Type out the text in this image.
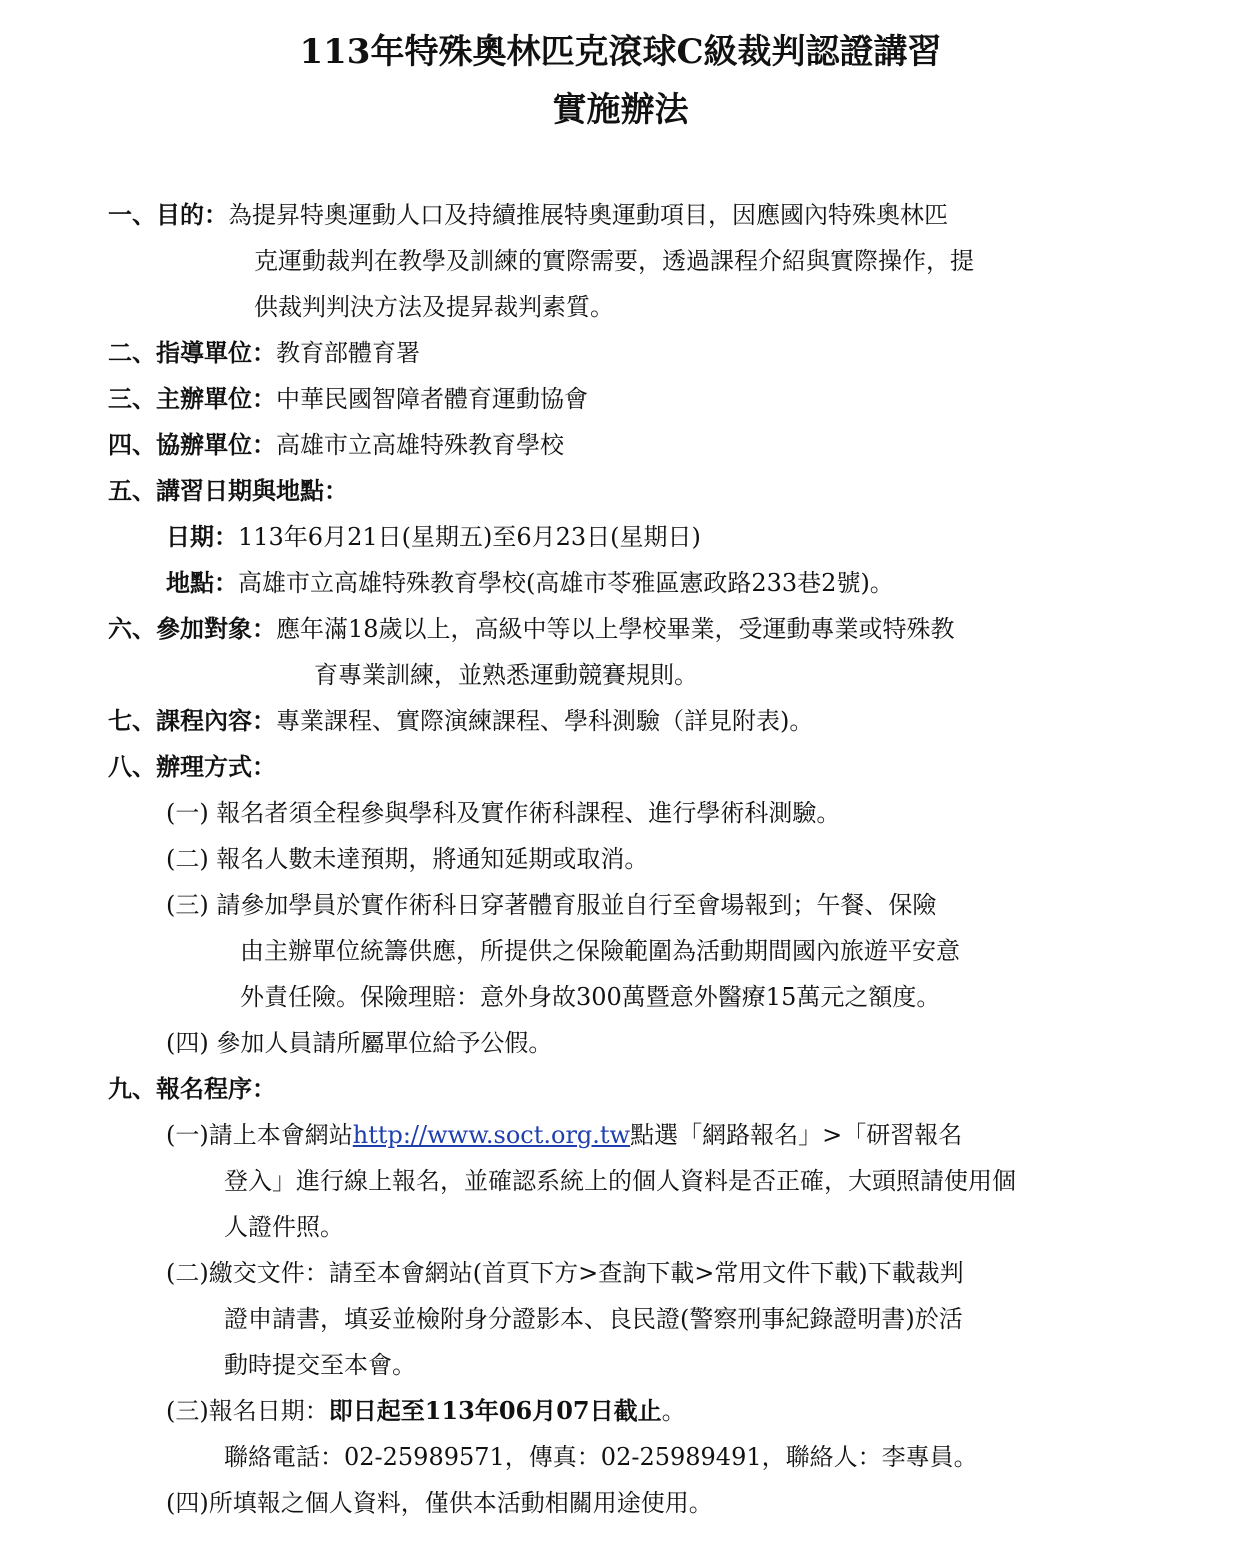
113年特殊奧林匹克滾球C級裁判認證講習
實施辦法
一、目的：為提昇特奧運動人口及持續推展特奧運動項目，因應國內特殊奧林匹
克運動裁判在教學及訓練的實際需要，透過課程介紹與實際操作，提
供裁判判決方法及提昇裁判素質。
二、指導單位：教育部體育署
三、主辦單位：中華民國智障者體育運動協會
四、協辦單位：高雄市立高雄特殊教育學校
五、講習日期與地點：
日期：113年6月21日(星期五)至6月23日(星期日)
地點：高雄市立高雄特殊教育學校(高雄市苓雅區憲政路233巷2號)。
六、參加對象：應年滿18歲以上，高級中等以上學校畢業，受運動專業或特殊教
育專業訓練，並熟悉運動競賽規則。
七、課程內容：專業課程、實際演練課程、學科測驗（詳見附表)。
八、辦理方式：
(一) 報名者須全程參與學科及實作術科課程、進行學術科測驗。
(二) 報名人數未達預期，將通知延期或取消。
(三) 請參加學員於實作術科日穿著體育服並自行至會場報到；午餐、保險
由主辦單位統籌供應，所提供之保險範圍為活動期間國內旅遊平安意
外責任險。保險理賠：意外身故300萬暨意外醫療15萬元之額度。
(四) 參加人員請所屬單位給予公假。
九、報名程序：
(一)請上本會網站http://www.soct.org.tw點選「網路報名」>「研習報名
登入」進行線上報名，並確認系統上的個人資料是否正確，大頭照請使用個
人證件照。
(二)繳交文件：請至本會網站(首頁下方>查詢下載>常用文件下載)下載裁判
證申請書，填妥並檢附身分證影本、良民證(警察刑事紀錄證明書)於活
動時提交至本會。
(三)報名日期：即日起至113年06月07日截止。
聯絡電話：02-25989571，傳真：02-25989491，聯絡人：李專員。
(四)所填報之個人資料，僅供本活動相關用途使用。
